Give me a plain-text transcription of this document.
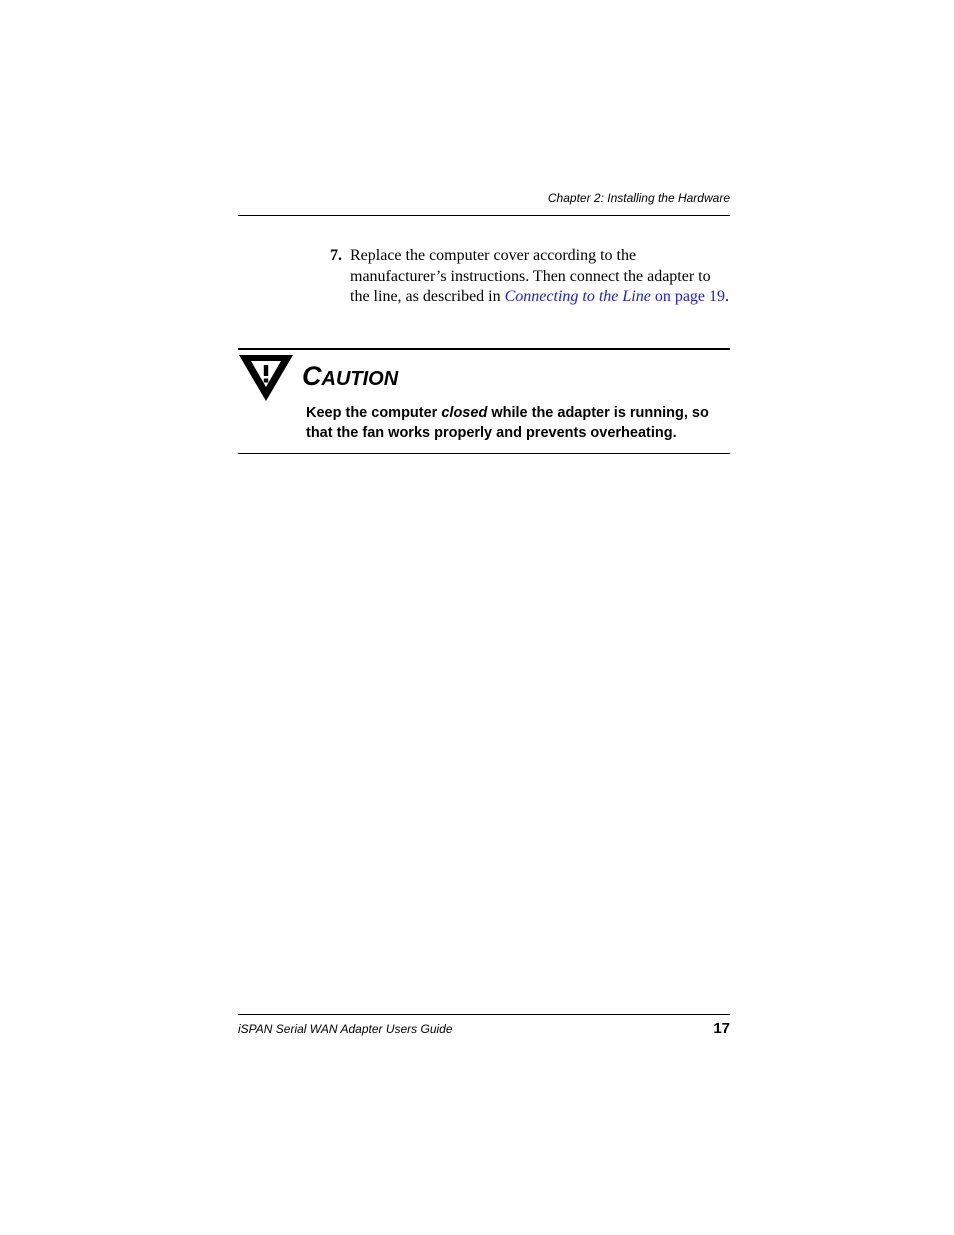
Chapter 2: Installing the Hardware
7. Replace the computer cover according to the manufacturer’s instructions. Then connect the adapter to the line, as described in Connecting to the Line on page 19.
CAUTION
Keep the computer closed while the adapter is running, so that the fan works properly and prevents overheating.
iSPAN Serial WAN Adapter Users Guide	17
